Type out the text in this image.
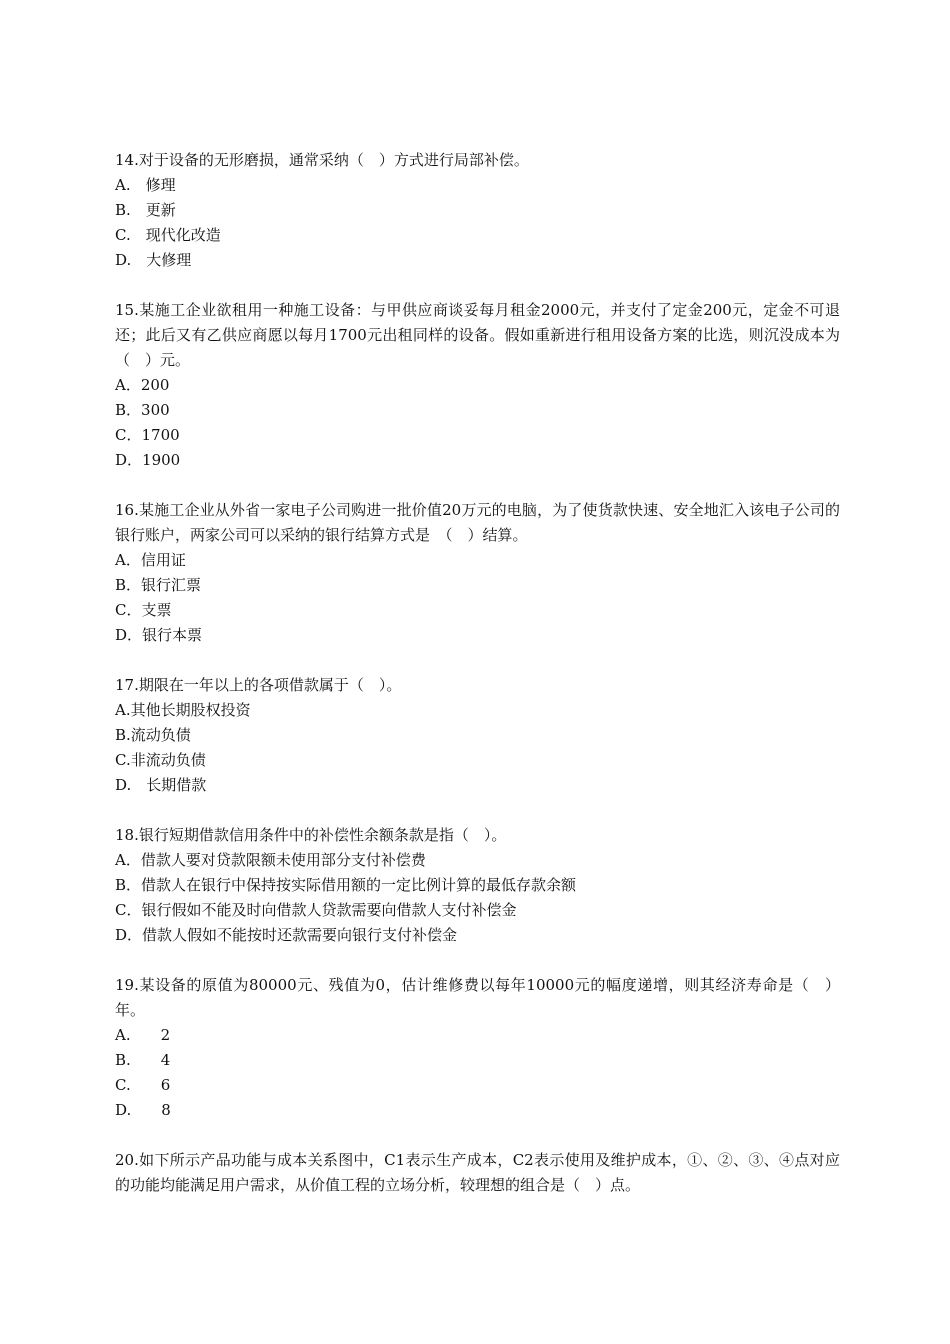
14.对于设备的无形磨损，通常采纳（　）方式进行局部补偿。

A.　修理

B.　更新

C.　现代化改造

D.　大修理

15.某施工企业欲租用一种施工设备：与甲供应商谈妥每月租金2000元，并支付了定金200元，定金不可退还；此后又有乙供应商愿以每月1700元出租同样的设备。假如重新进行租用设备方案的比选，则沉没成本为（　）元。

A．200

B．300

C．1700

D．1900

16.某施工企业从外省一家电子公司购进一批价值20万元的电脑，为了使货款快速、安全地汇入该电子公司的银行账户，两家公司可以采纳的银行结算方式是　（　）结算。

A．信用证

B．银行汇票

C．支票

D．银行本票

17.期限在一年以上的各项借款属于（　）。

A.其他长期股权投资

B.流动负债

C.非流动负债

D.　长期借款

18.银行短期借款信用条件中的补偿性余额条款是指（　）。

A．借款人要对贷款限额未使用部分支付补偿费

B．借款人在银行中保持按实际借用额的一定比例计算的最低存款余额

C．银行假如不能及时向借款人贷款需要向借款人支付补偿金

D．借款人假如不能按时还款需要向银行支付补偿金

19.某设备的原值为80000元、残值为0，估计维修费以每年10000元的幅度递增，则其经济寿命是（　）年。

A.　　2

B.　　4

C.　　6

D.　　8

20.如下所示产品功能与成本关系图中，C1表示生产成本，C2表示使用及维护成本，①、②、③、④点对应的功能均能满足用户需求，从价值工程的立场分析，较理想的组合是（　）点。
